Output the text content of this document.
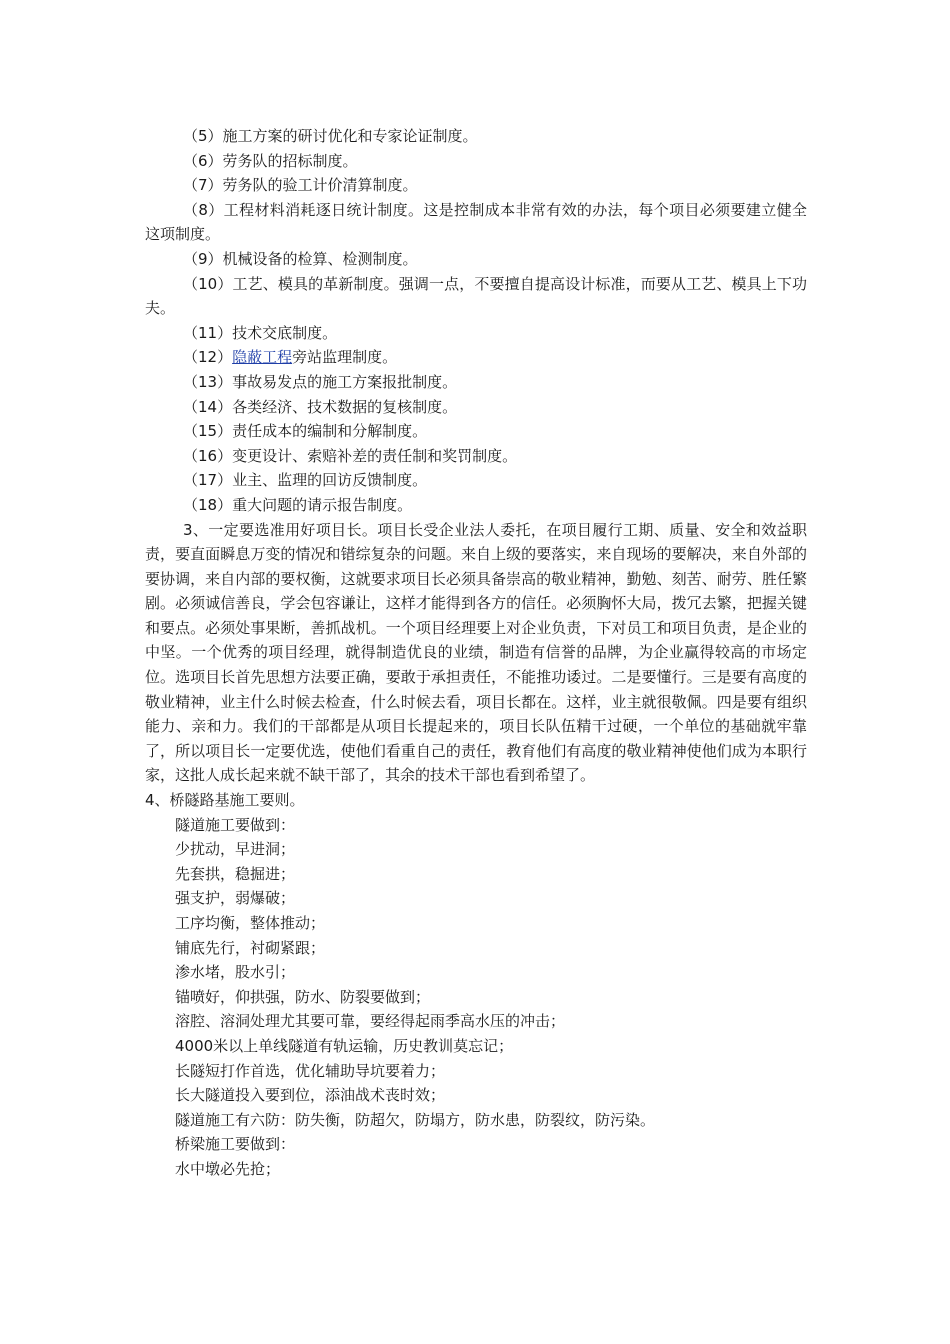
（5）施工方案的研讨优化和专家论证制度。

（6）劳务队的招标制度。

（7）劳务队的验工计价清算制度。

（8）工程材料消耗逐日统计制度。这是控制成本非常有效的办法，每个项目必须要建立健全这项制度。

（9）机械设备的检算、检测制度。

（10）工艺、模具的革新制度。强调一点，不要擅自提高设计标准，而要从工艺、模具上下功夫。

（11）技术交底制度。

（12）隐蔽工程旁站监理制度。

（13）事故易发点的施工方案报批制度。

（14）各类经济、技术数据的复核制度。

（15）责任成本的编制和分解制度。

（16）变更设计、索赔补差的责任制和奖罚制度。

（17）业主、监理的回访反馈制度。

（18）重大问题的请示报告制度。

3、一定要选准用好项目长。项目长受企业法人委托，在项目履行工期、质量、安全和效益职责，要直面瞬息万变的情况和错综复杂的问题。来自上级的要落实，来自现场的要解决，来自外部的要协调，来自内部的要权衡，这就要求项目长必须具备崇高的敬业精神，勤勉、刻苦、耐劳、胜任繁剧。必须诚信善良，学会包容谦让，这样才能得到各方的信任。必须胸怀大局，拨冗去繁，把握关键和要点。必须处事果断，善抓战机。一个项目经理要上对企业负责，下对员工和项目负责，是企业的中坚。一个优秀的项目经理，就得制造优良的业绩，制造有信誉的品牌，为企业赢得较高的市场定位。选项目长首先思想方法要正确，要敢于承担责任，不能推功诿过。二是要懂行。三是要有高度的敬业精神，业主什么时候去检查，什么时候去看，项目长都在。这样，业主就很敬佩。四是要有组织能力、亲和力。我们的干部都是从项目长提起来的，项目长队伍精干过硬，一个单位的基础就牢靠了，所以项目长一定要优选，使他们看重自己的责任，教育他们有高度的敬业精神使他们成为本职行家，这批人成长起来就不缺干部了，其余的技术干部也看到希望了。

4、桥隧路基施工要则。

隧道施工要做到：

少扰动，早进洞；

先套拱，稳掘进；

强支护，弱爆破；

工序均衡，整体推动；

铺底先行，衬砌紧跟；

渗水堵，股水引；

锚喷好，仰拱强，防水、防裂要做到；

溶腔、溶洞处理尤其要可靠，要经得起雨季高水压的冲击；

4000米以上单线隧道有轨运输，历史教训莫忘记；

长隧短打作首选，优化辅助导坑要着力；

长大隧道投入要到位，添油战术丧时效；

隧道施工有六防：防失衡，防超欠，防塌方，防水患，防裂纹，防污染。

桥梁施工要做到：

水中墩必先抢；
